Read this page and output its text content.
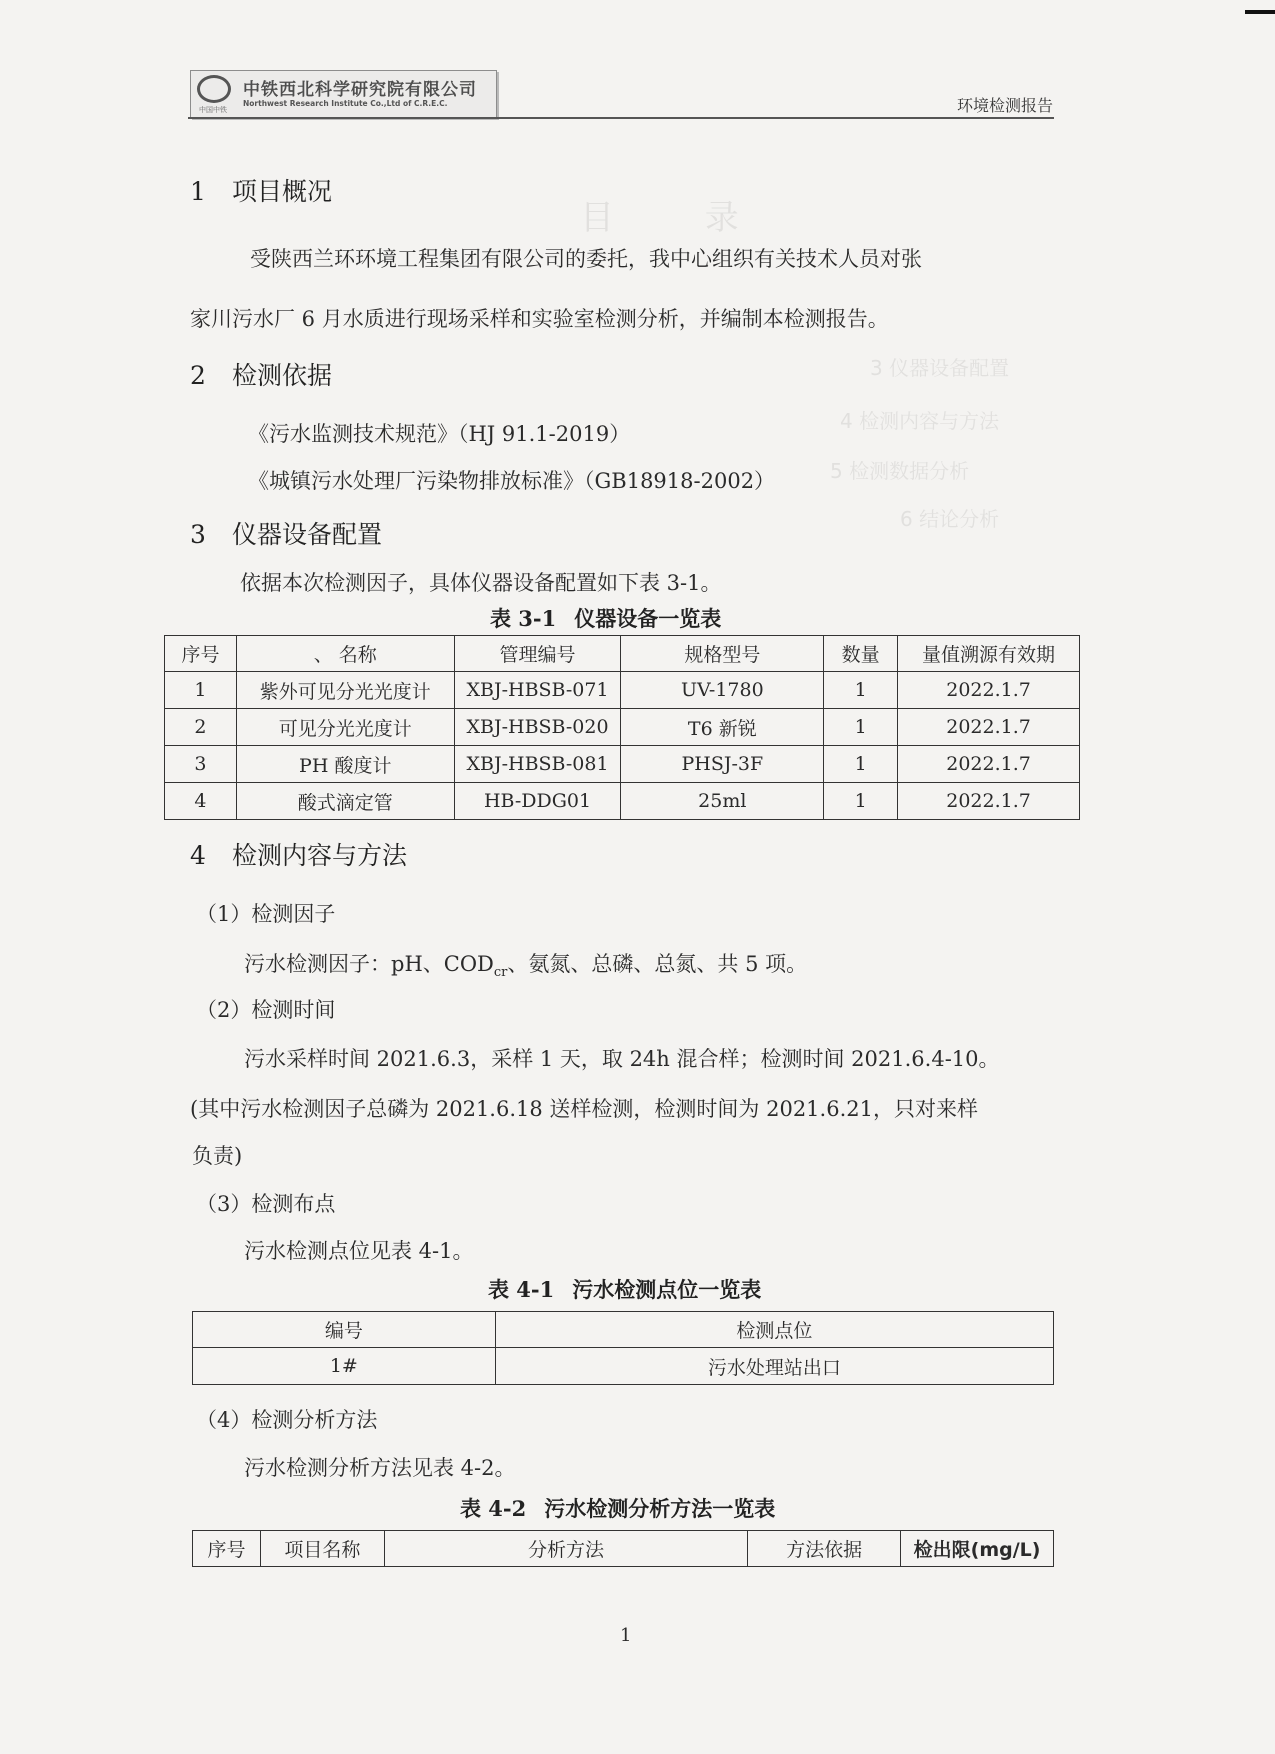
中国中铁
中铁西北科学研究院有限公司
Northwest Research Institute Co.,Ltd of C.R.E.C.	环境检测报告
目 录
3 仪器设备配置
4 检测内容与方法
5 检测数据分析
6 结论分析
1 项目概况
受陕西兰环环境工程集团有限公司的委托，我中心组织有关技术人员对张
家川污水厂 6 月水质进行现场采样和实验室检测分析，并编制本检测报告。
2 检测依据
《污水监测技术规范》（HJ 91.1-2019）
《城镇污水处理厂污染物排放标准》（GB18918-2002）
3 仪器设备配置
依据本次检测因子，具体仪器设备配置如下表 3-1。
表 3-1 仪器设备一览表
序号	、 名称	管理编号	规格型号	数量	量值溯源有效期
1	紫外可见分光光度计	XBJ-HBSB-071	UV-1780	1	2022.1.7
2	可见分光光度计	XBJ-HBSB-020	T6 新锐	1	2022.1.7
3	PH 酸度计	XBJ-HBSB-081	PHSJ-3F	1	2022.1.7
4	酸式滴定管	HB-DDG01	25ml	1	2022.1.7
4 检测内容与方法
（1）检测因子
污水检测因子：pH、$COD_{cr}$、氨氮、总磷、总氮、共 5 项。
（2）检测时间
污水采样时间 2021.6.3，采样 1 天，取 24h 混合样；检测时间 2021.6.4-10。
(其中污水检测因子总磷为 2021.6.18 送样检测，检测时间为 2021.6.21，只对来样
负责)
（3）检测布点
污水检测点位见表 4-1。
表 4-1 污水检测点位一览表
编号	检测点位
1#	污水处理站出口
（4）检测分析方法
污水检测分析方法见表 4-2。
表 4-2 污水检测分析方法一览表
序号	项目名称	分析方法	方法依据	检出限(mg/L)
1
